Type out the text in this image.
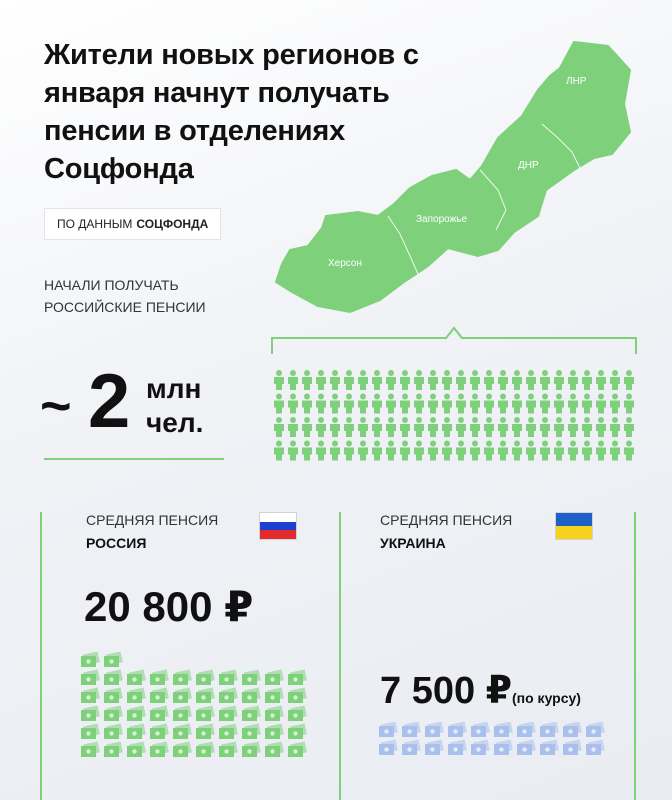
Жители новых регионов с января начнут получать пенсии в отделениях Соцфонда
ПО ДАННЫМ СОЦФОНДА
НАЧАЛИ ПОЛУЧАТЬ РОССИЙСКИЕ ПЕНСИИ
~ 2 млн
чел.
ЛНР
ДНР
Запорожье
Херсон
СРЕДНЯЯ ПЕНСИЯ
РОССИЯ
20 800 ₽
СРЕДНЯЯ ПЕНСИЯ
УКРАИНА
7 500 ₽ (по курсу)
